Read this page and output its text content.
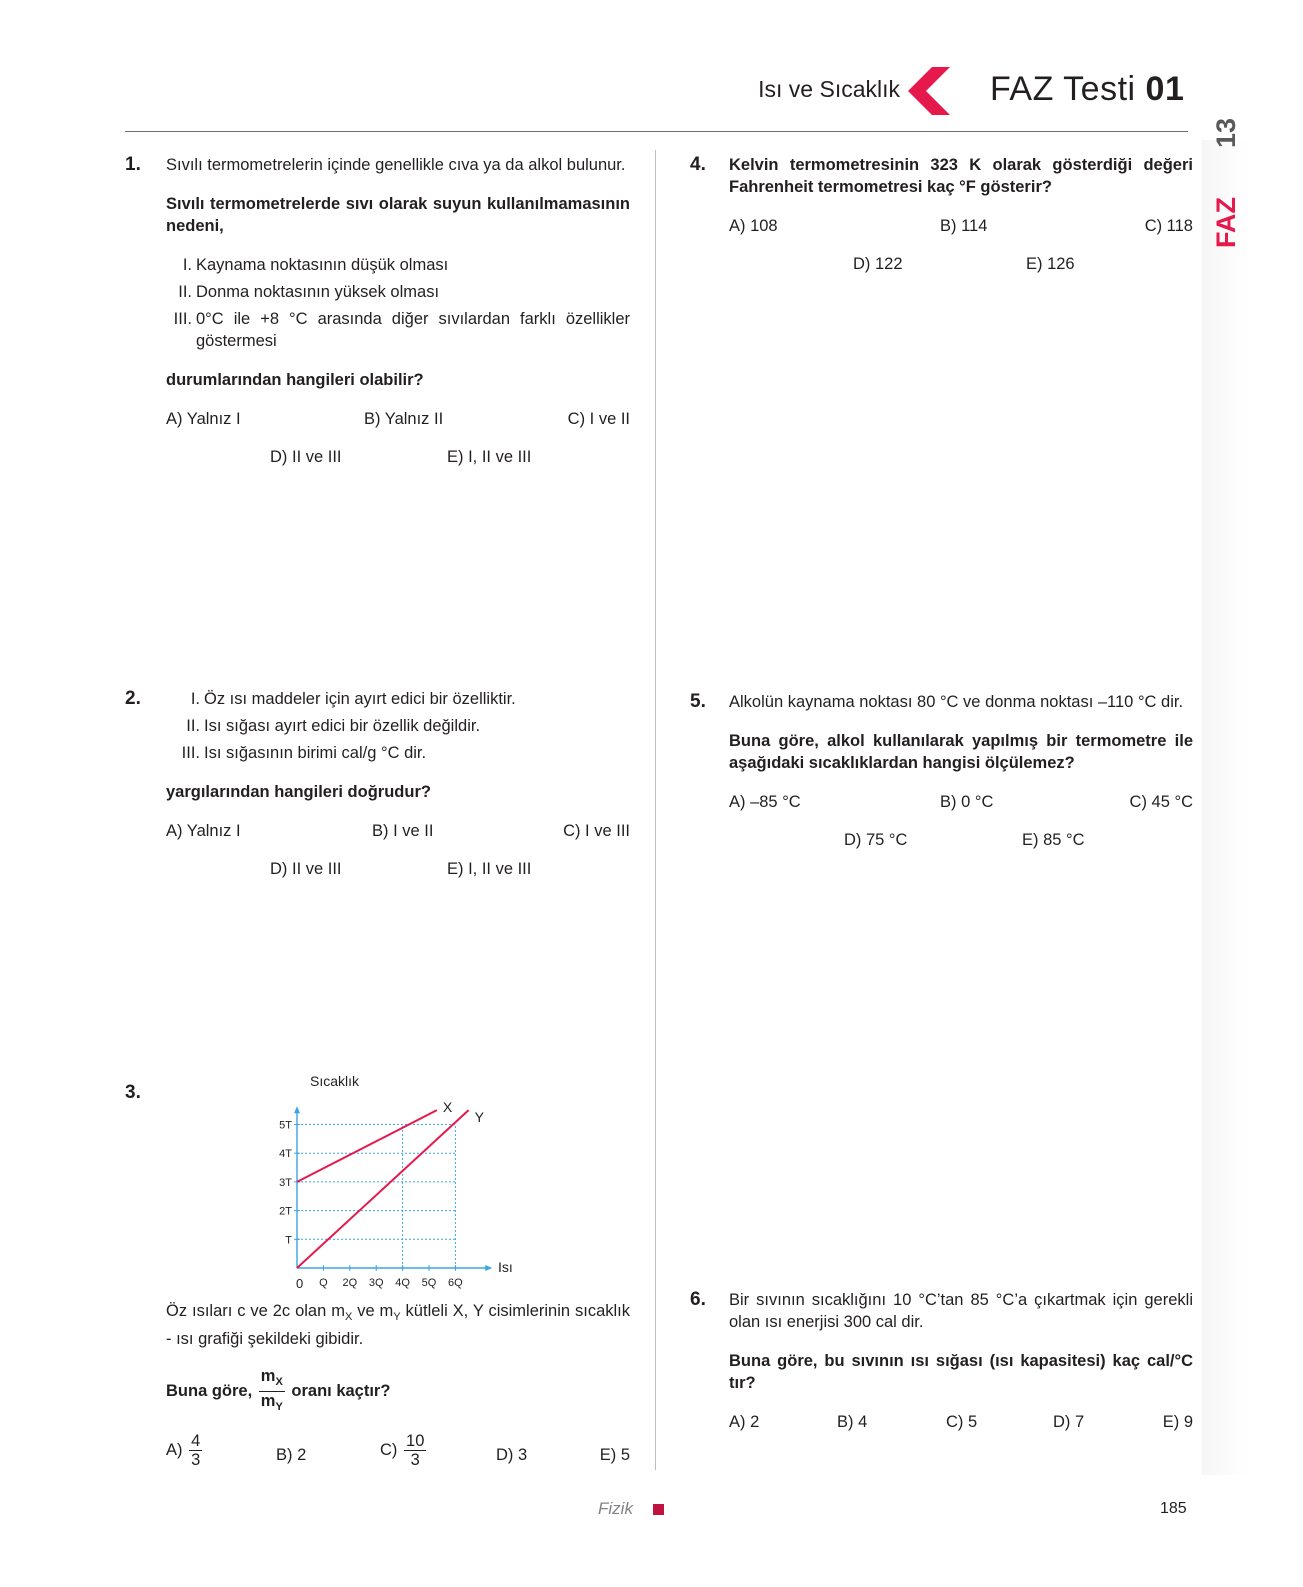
Isı ve Sıcaklık	FAZ Testi 01
13
FAZ
1. Sıvılı termometrelerin içinde genellikle cıva ya da alkol bulunur.
Sıvılı termometrelerde sıvı olarak suyun kullanılmamasının nedeni,
I. Kaynama noktasının düşük olması
II. Donma noktasının yüksek olması
III. 0°C ile +8 °C arasında diğer sıvılardan farklı özellikler göstermesi
durumlarından hangileri olabilir?
A) Yalnız I	B) Yalnız II	C) I ve II
D) II ve III	E) I, II ve III
2.	I. Öz ısı maddeler için ayırt edici bir özelliktir.
II. Isı sığası ayırt edici bir özellik değildir.
III. Isı sığasının birimi cal/g °C dir.
yargılarından hangileri doğrudur?
A) Yalnız I	B) I ve II	C) I ve III
D) II ve III	E) I, II ve III
3.
Q 2Q 3Q 4Q 5Q 6Q
T
2T
3T
4T
5T
X
Y
Sıcaklık
Isı
0
Öz ısıları c ve 2c olan $m_X$ ve $m_Y$ kütleli X, Y cisimlerinin sıcaklık - ısı grafiği şekildeki gibidir.
Buna göre, $\frac{m_X}{m_Y}$ oranı kaçtır?
$A) \frac{4}{3}$	B) 2	$C) \frac{10}{3}$	D) 3	E) 5
4. Kelvin termometresinin 323 K olarak gösterdiği değeri Fahrenheit termometresi kaç °F gösterir?
A) 108	B) 114	C) 118
D) 122	E) 126
5. Alkolün kaynama noktası 80 °C ve donma noktası –110 °C dir.
Buna göre, alkol kullanılarak yapılmış bir termometre ile aşağıdaki sıcaklıklardan hangisi ölçülemez?
A) –85 °C	B) 0 °C	C) 45 °C
D) 75 °C	E) 85 °C
6. Bir sıvının sıcaklığını 10 °C’tan 85 °C’a çıkartmak için gerekli olan ısı enerjisi 300 cal dir.
Buna göre, bu sıvının ısı sığası (ısı kapasitesi) kaç cal/°C tır?
A) 2	B) 4	C) 5	D) 7	E) 9
Fizik	185
